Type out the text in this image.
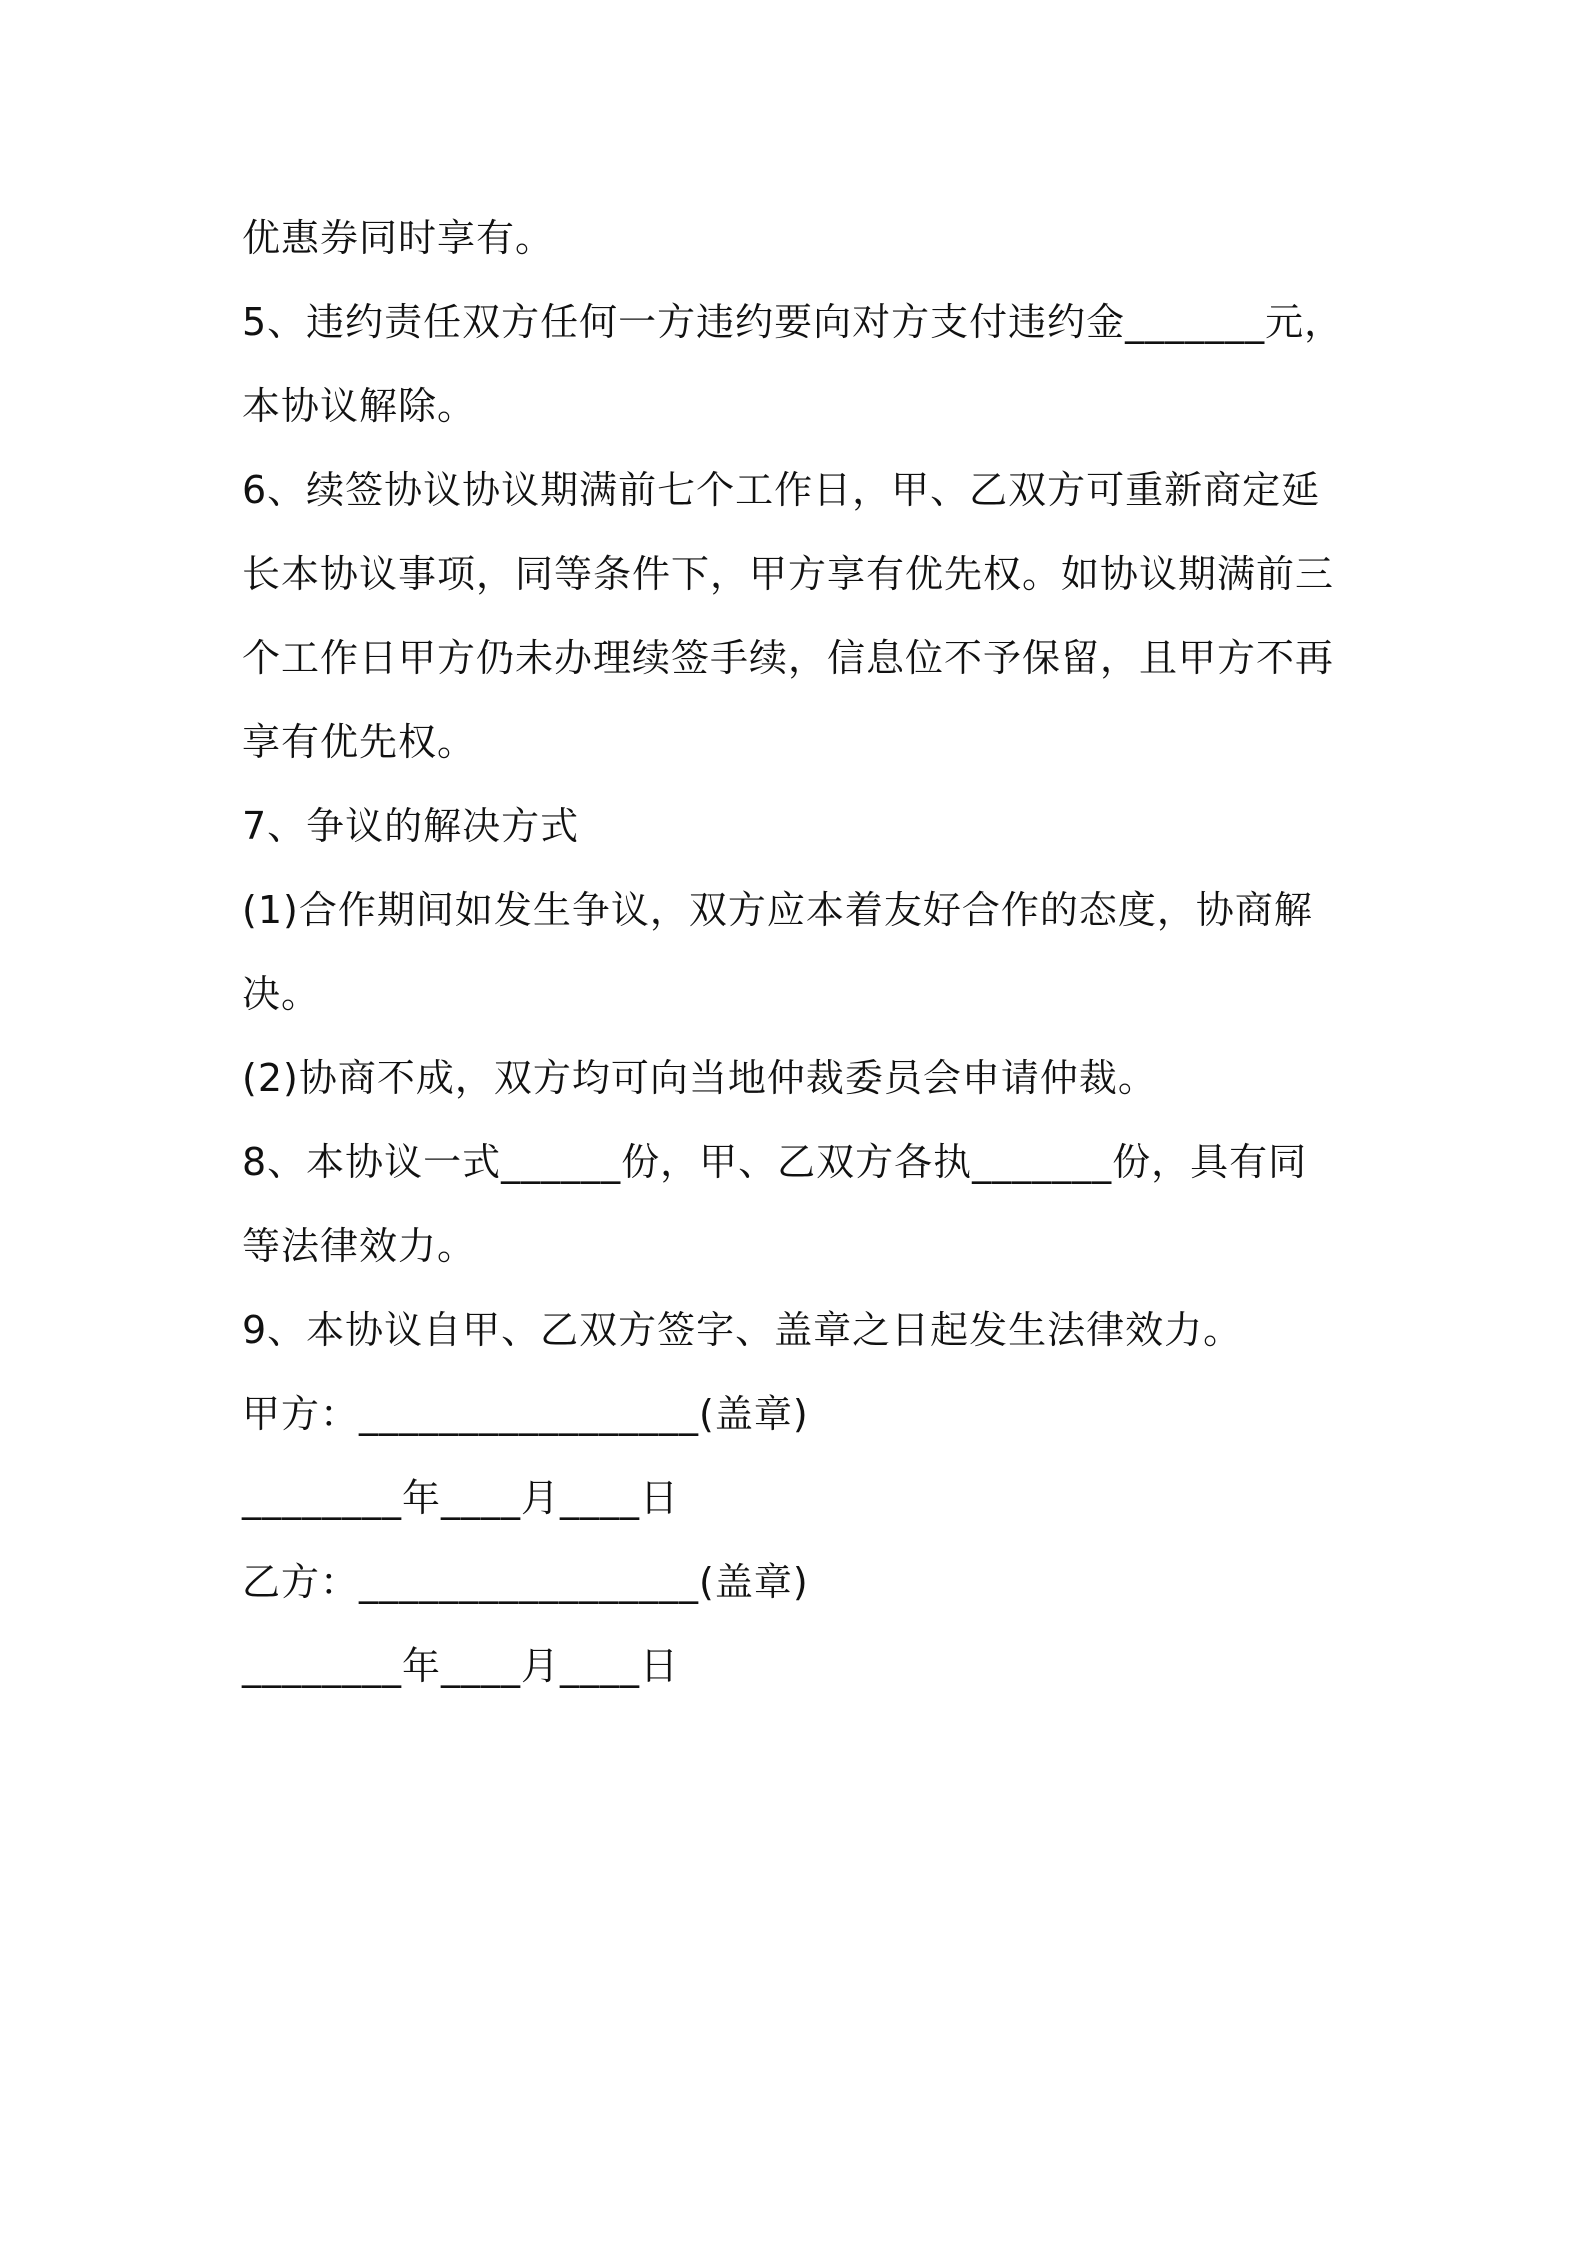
优惠券同时享有。
5、违约责任双方任何一方违约要向对方支付违约金_______元，
本协议解除。
6、续签协议协议期满前七个工作日，甲、乙双方可重新商定延
长本协议事项，同等条件下，甲方享有优先权。如协议期满前三
个工作日甲方仍未办理续签手续，信息位不予保留，且甲方不再
享有优先权。
7、争议的解决方式
(1)合作期间如发生争议，双方应本着友好合作的态度，协商解
决。
(2)协商不成，双方均可向当地仲裁委员会申请仲裁。
8、本协议一式______份，甲、乙双方各执_______份，具有同
等法律效力。
9、本协议自甲、乙双方签字、盖章之日起发生法律效力。
甲方：_________________(盖章)
________年____月____日
乙方：_________________(盖章)
________年____月____日
